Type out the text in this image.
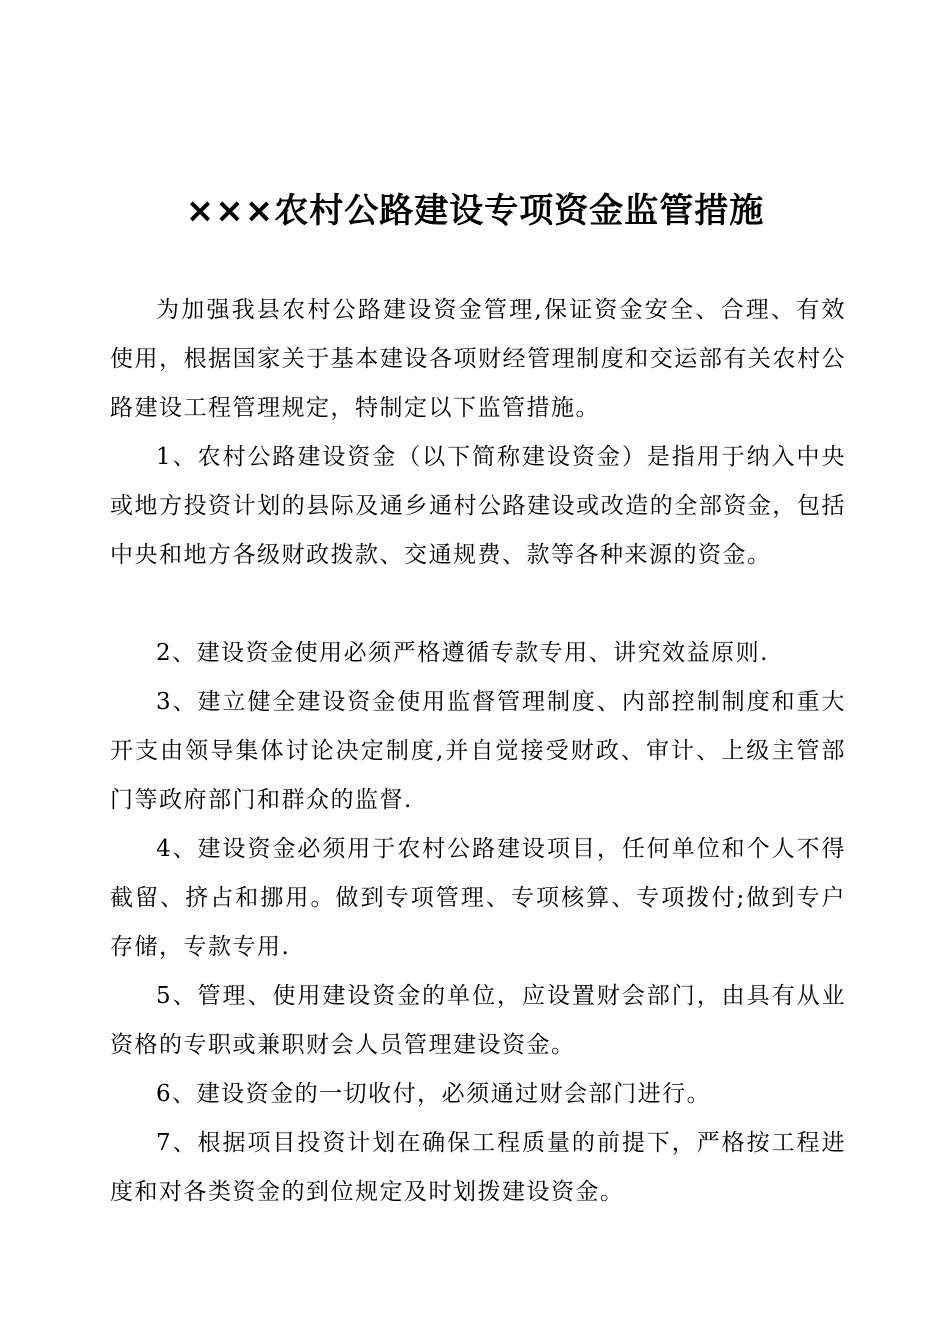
×××农村公路建设专项资金监管措施

为加强我县农村公路建设资金管理,保证资金安全、合理、有效使用，根据国家关于基本建设各项财经管理制度和交运部有关农村公路建设工程管理规定，特制定以下监管措施。

1、农村公路建设资金（以下简称建设资金）是指用于纳入中央或地方投资计划的县际及通乡通村公路建设或改造的全部资金，包括中央和地方各级财政拨款、交通规费、款等各种来源的资金。

2、建设资金使用必须严格遵循专款专用、讲究效益原则.

3、建立健全建设资金使用监督管理制度、内部控制制度和重大开支由领导集体讨论决定制度,并自觉接受财政、审计、上级主管部门等政府部门和群众的监督.

4、建设资金必须用于农村公路建设项目，任何单位和个人不得截留、挤占和挪用。做到专项管理、专项核算、专项拨付;做到专户存储，专款专用.

5、管理、使用建设资金的单位，应设置财会部门，由具有从业资格的专职或兼职财会人员管理建设资金。

6、建设资金的一切收付，必须通过财会部门进行。

7、根据项目投资计划在确保工程质量的前提下，严格按工程进度和对各类资金的到位规定及时划拨建设资金。
